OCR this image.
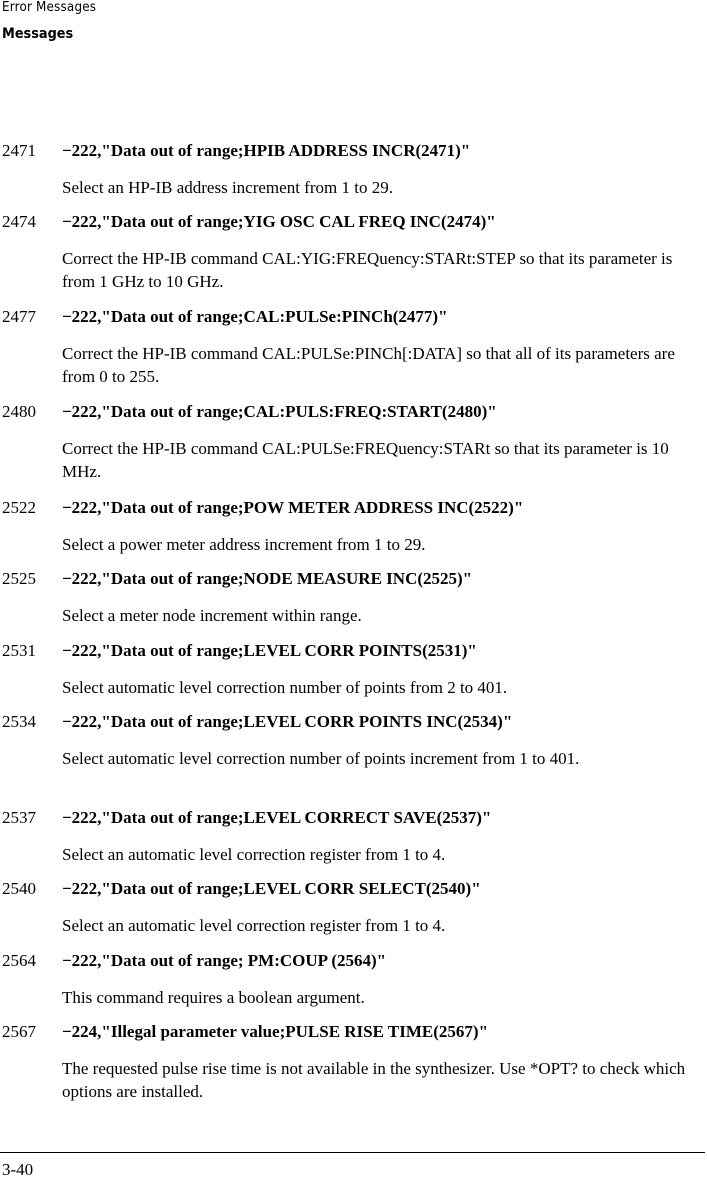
Error Messages
Messages
2471 −222,"Data out of range;HPIB ADDRESS INCR(2471)"
Select an HP-IB address increment from 1 to 29.
2474 −222,"Data out of range;YIG OSC CAL FREQ INC(2474)"
Correct the HP-IB command CAL:YIG:FREQuency:STARt:STEP so that its parameter is from 1 GHz to 10 GHz.
2477 −222,"Data out of range;CAL:PULSe:PINCh(2477)"
Correct the HP-IB command CAL:PULSe:PINCh[:DATA] so that all of its parameters are from 0 to 255.
2480 −222,"Data out of range;CAL:PULS:FREQ:START(2480)"
Correct the HP-IB command CAL:PULSe:FREQuency:STARt so that its parameter is 10 MHz.
2522 −222,"Data out of range;POW METER ADDRESS INC(2522)"
Select a power meter address increment from 1 to 29.
2525 −222,"Data out of range;NODE MEASURE INC(2525)"
Select a meter node increment within range.
2531 −222,"Data out of range;LEVEL CORR POINTS(2531)"
Select automatic level correction number of points from 2 to 401.
2534 −222,"Data out of range;LEVEL CORR POINTS INC(2534)"
Select automatic level correction number of points increment from 1 to 401.
2537 −222,"Data out of range;LEVEL CORRECT SAVE(2537)"
Select an automatic level correction register from 1 to 4.
2540 −222,"Data out of range;LEVEL CORR SELECT(2540)"
Select an automatic level correction register from 1 to 4.
2564 −222,"Data out of range; PM:COUP (2564)"
This command requires a boolean argument.
2567 −224,"Illegal parameter value;PULSE RISE TIME(2567)"
The requested pulse rise time is not available in the synthesizer. Use *OPT? to check which options are installed.
3-40
